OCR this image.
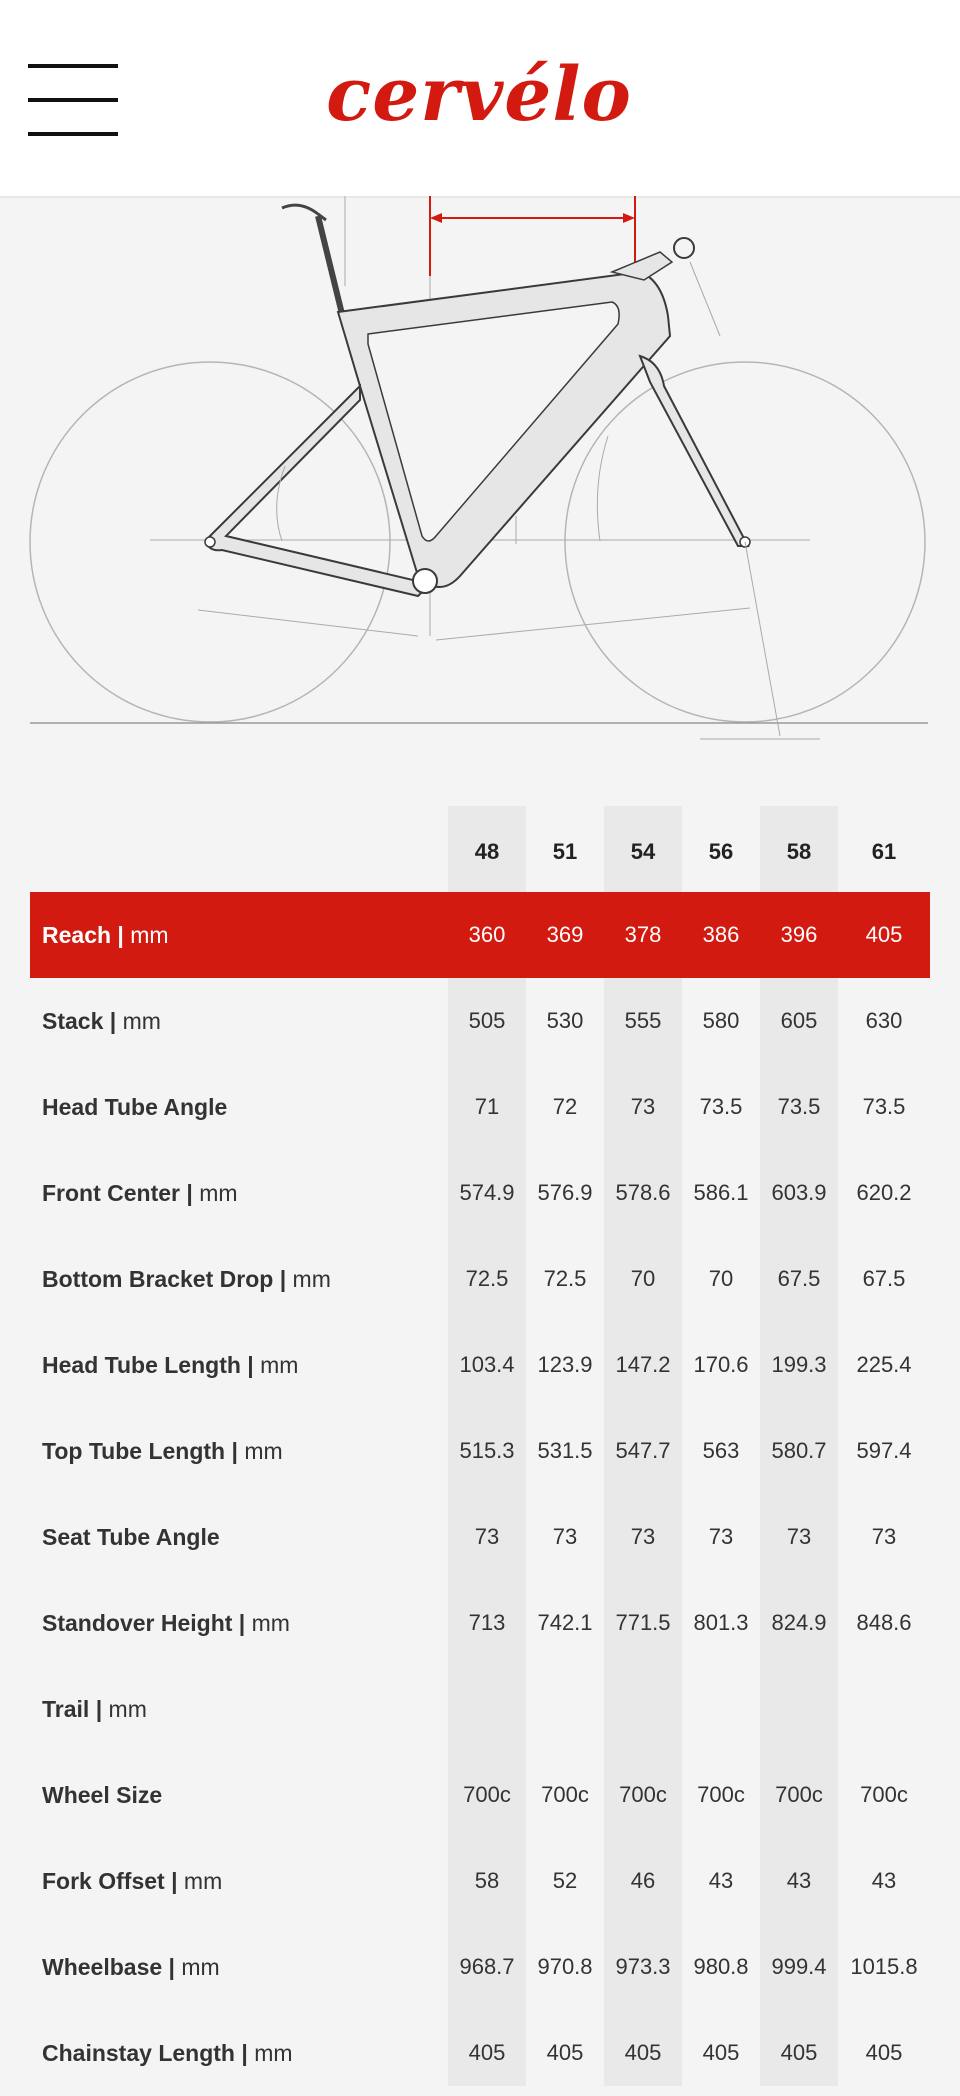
cervélo
48	51	54	56	58	61
Reach | mm	360	369	378	386	396	405
Stack | mm	505	530	555	580	605	630
Head Tube Angle	71	72	73	73.5	73.5	73.5
Front Center | mm	574.9	576.9	578.6	586.1	603.9	620.2
Bottom Bracket Drop | mm	72.5	72.5	70	70	67.5	67.5
Head Tube Length | mm	103.4	123.9	147.2	170.6	199.3	225.4
Top Tube Length | mm	515.3	531.5	547.7	563	580.7	597.4
Seat Tube Angle	73	73	73	73	73	73
Standover Height | mm	713	742.1	771.5	801.3	824.9	848.6
Trail | mm
Wheel Size	700c	700c	700c	700c	700c	700c
Fork Offset | mm	58	52	46	43	43	43
Wheelbase | mm	968.7	970.8	973.3	980.8	999.4	1015.8
Chainstay Length | mm	405	405	405	405	405	405
